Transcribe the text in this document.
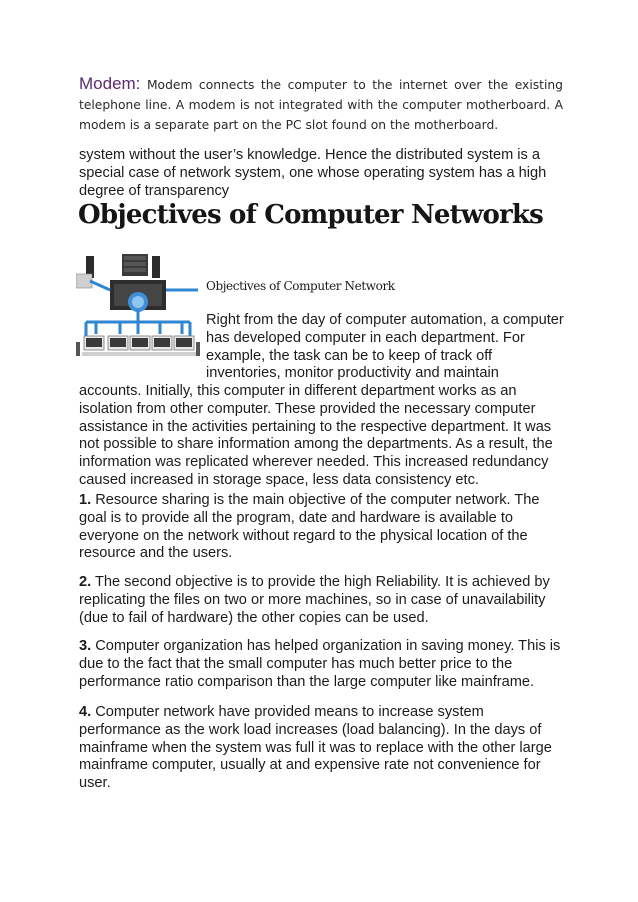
Modem: Modem connects the computer to the internet over the existing telephone line. A modem is not integrated with the computer motherboard. A modem is a separate part on the PC slot found on the motherboard.
system without the user’s knowledge. Hence the distributed system is a special case of network system, one whose operating system has a high degree of transparency
Objectives of Computer Networks
Objectives of Computer Network
Right from the day of computer automation, a computer
has developed computer in each department. For
example, the task can be to keep of track off
inventories, monitor productivity and maintain
accounts. Initially, this computer in different department works as an
isolation from other computer. These provided the necessary computer
assistance in the activities pertaining to the respective department. It was
not possible to share information among the departments. As a result, the
information was replicated wherever needed. This increased redundancy
caused increased in storage space, less data consistency etc.
1. Resource sharing is the main objective of the computer network. The
goal is to provide all the program, date and hardware is available to
everyone on the network without regard to the physical location of the
resource and the users.
2. The second objective is to provide the high Reliability. It is achieved by
replicating the files on two or more machines, so in case of unavailability
(due to fail of hardware) the other copies can be used.
3. Computer organization has helped organization in saving money. This is
due to the fact that the small computer has much better price to the
performance ratio comparison than the large computer like mainframe.
4. Computer network have provided means to increase system
performance as the work load increases (load balancing). In the days of
mainframe when the system was full it was to replace with the other large
mainframe computer, usually at and expensive rate not convenience for
user.
